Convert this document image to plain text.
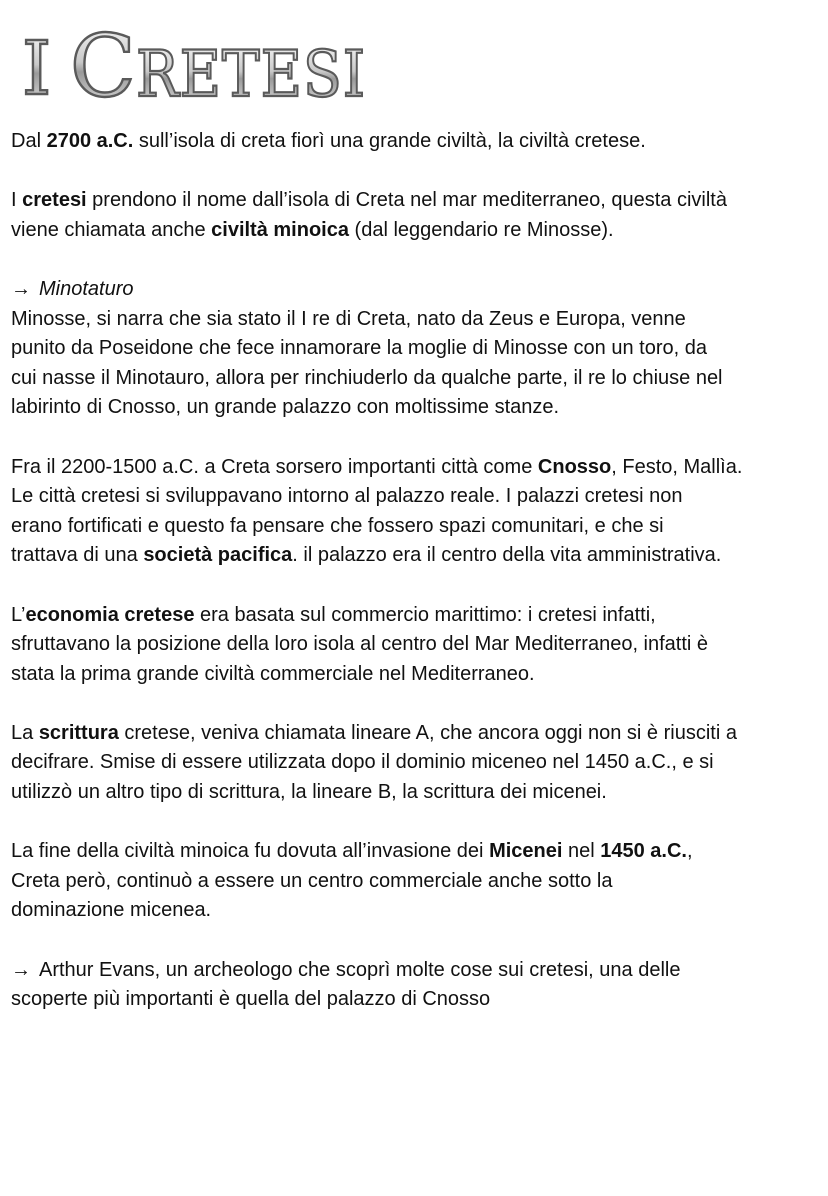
I C RETESI

Dal 2700 a.C. sull’isola di creta fiorì una grande civiltà, la civiltà cretese.

I cretesi prendono il nome dall’isola di Creta nel mar mediterraneo, questa civiltà
viene chiamata anche civiltà minoica (dal leggendario re Minosse).

→ Minotaturo
Minosse, si narra che sia stato il I re di Creta, nato da Zeus e Europa, venne
punito da Poseidone che fece innamorare la moglie di Minosse con un toro, da
cui nasse il Minotauro, allora per rinchiuderlo da qualche parte, il re lo chiuse nel
labirinto di Cnosso, un grande palazzo con moltissime stanze.

Fra il 2200-1500 a.C. a Creta sorsero importanti città come Cnosso, Festo, Mallìa.
Le città cretesi si sviluppavano intorno al palazzo reale. I palazzi cretesi non
erano fortificati e questo fa pensare che fossero spazi comunitari, e che si
trattava di una società pacifica. il palazzo era il centro della vita amministrativa.

L’economia cretese era basata sul commercio marittimo: i cretesi infatti,
sfruttavano la posizione della loro isola al centro del Mar Mediterraneo, infatti è
stata la prima grande civiltà commerciale nel Mediterraneo.

La scrittura cretese, veniva chiamata lineare A, che ancora oggi non si è riusciti a
decifrare. Smise di essere utilizzata dopo il dominio miceneo nel 1450 a.C., e si
utilizzò un altro tipo di scrittura, la lineare B, la scrittura dei micenei.

La fine della civiltà minoica fu dovuta all’invasione dei Micenei nel 1450 a.C.,
Creta però, continuò a essere un centro commerciale anche sotto la
dominazione micenea.

→ Arthur Evans, un archeologo che scoprì molte cose sui cretesi, una delle
scoperte più importanti è quella del palazzo di Cnosso
